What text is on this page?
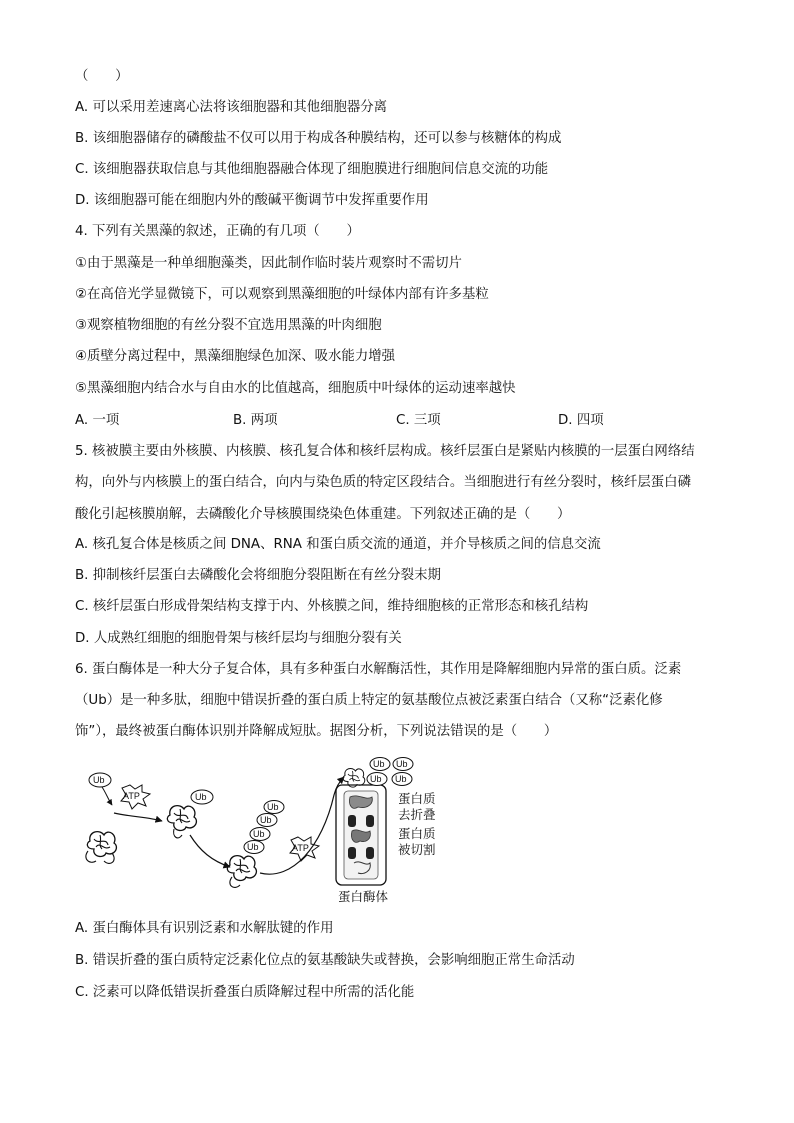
（　　）

A. 可以采用差速离心法将该细胞器和其他细胞器分离

B. 该细胞器储存的磷酸盐不仅可以用于构成各种膜结构，还可以参与核糖体的构成

C. 该细胞器获取信息与其他细胞器融合体现了细胞膜进行细胞间信息交流的功能

D. 该细胞器可能在细胞内外的酸碱平衡调节中发挥重要作用

4. 下列有关黑藻的叙述，正确的有几项（　　）

①由于黑藻是一种单细胞藻类，因此制作临时装片观察时不需切片

②在高倍光学显微镜下，可以观察到黑藻细胞的叶绿体内部有许多基粒

③观察植物细胞的有丝分裂不宜选用黑藻的叶肉细胞

④质壁分离过程中，黑藻细胞绿色加深、吸水能力增强

⑤黑藻细胞内结合水与自由水的比值越高，细胞质中叶绿体的运动速率越快

A. 一项	B. 两项	C. 三项	D. 四项

5. 核被膜主要由外核膜、内核膜、核孔复合体和核纤层构成。核纤层蛋白是紧贴内核膜的一层蛋白网络结

构，向外与内核膜上的蛋白结合，向内与染色质的特定区段结合。当细胞进行有丝分裂时，核纤层蛋白磷

酸化引起核膜崩解，去磷酸化介导核膜围绕染色体重建。下列叙述正确的是（　　）

A. 核孔复合体是核质之间 DNA、RNA 和蛋白质交流的通道，并介导核质之间的信息交流

B. 抑制核纤层蛋白去磷酸化会将细胞分裂阻断在有丝分裂末期

C. 核纤层蛋白形成骨架结构支撑于内、外核膜之间，维持细胞核的正常形态和核孔结构

D. 人成熟红细胞的细胞骨架与核纤层均与细胞分裂有关

6. 蛋白酶体是一种大分子复合体，具有多种蛋白水解酶活性，其作用是降解细胞内异常的蛋白质。泛素

（Ub）是一种多肽，细胞中错误折叠的蛋白质上特定的氨基酸位点被泛素蛋白结合（又称“泛素化修

饰”），最终被蛋白酶体识别并降解成短肽。据图分析，下列说法错误的是（　　）

Ub
ATP	Ub
Ub
Ub
Ub
Ub
ATP
Ub Ub
Ub Ub
蛋白质
去折叠
蛋白质
被切割
蛋白酶体

A. 蛋白酶体具有识别泛素和水解肽键的作用

B. 错误折叠的蛋白质特定泛素化位点的氨基酸缺失或替换，会影响细胞正常生命活动

C. 泛素可以降低错误折叠蛋白质降解过程中所需的活化能
